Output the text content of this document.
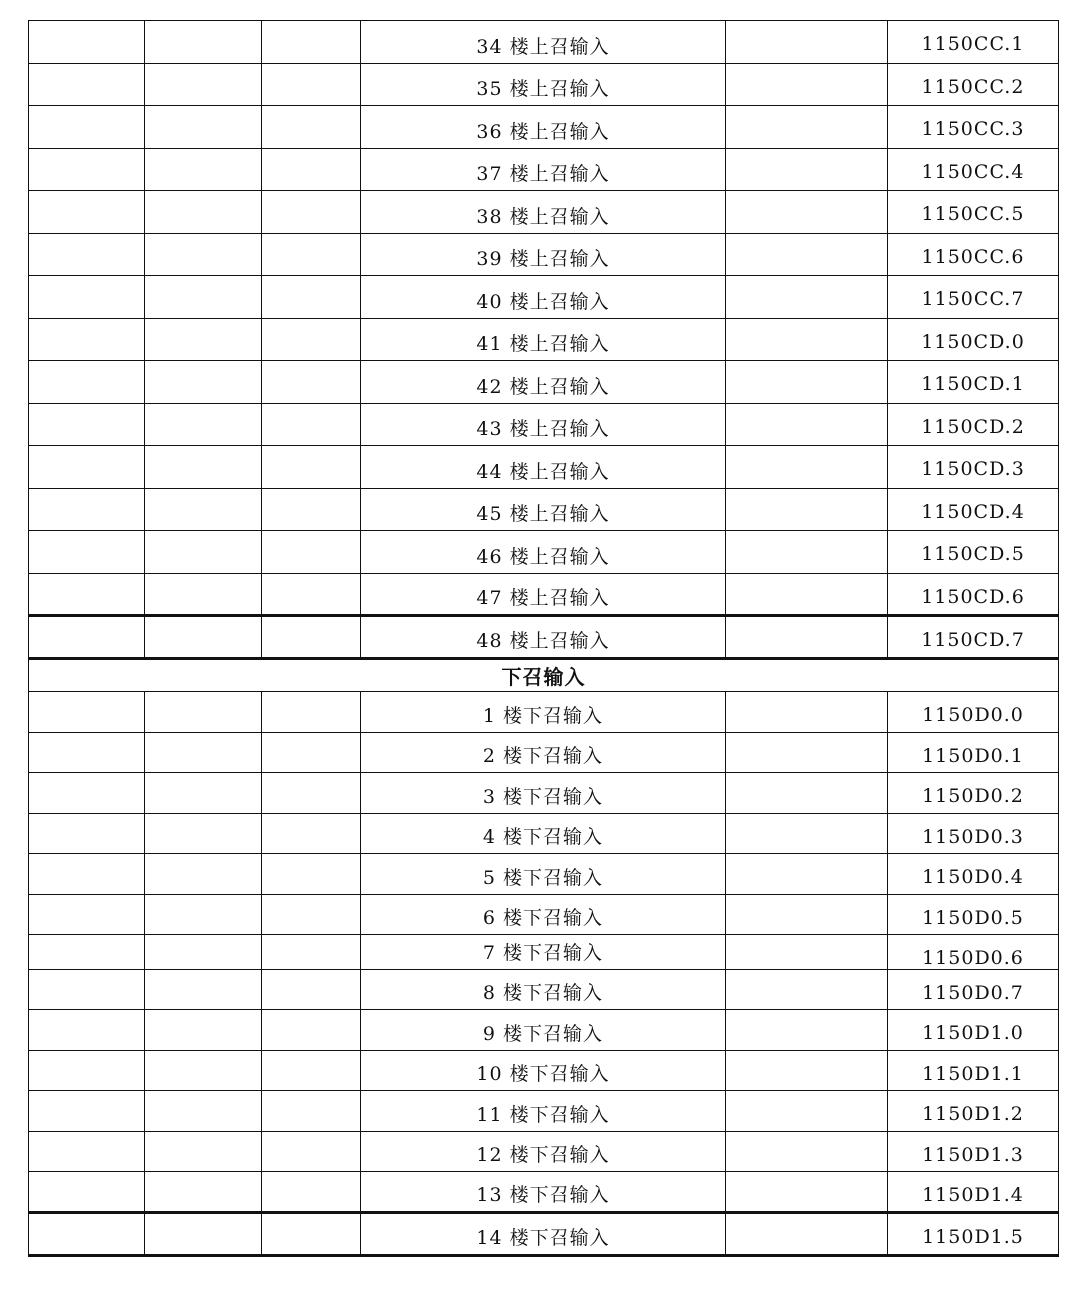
			34 楼上召输入		1150CC.1
			35 楼上召输入		1150CC.2
			36 楼上召输入		1150CC.3
			37 楼上召输入		1150CC.4
			38 楼上召输入		1150CC.5
			39 楼上召输入		1150CC.6
			40 楼上召输入		1150CC.7
			41 楼上召输入		1150CD.0
			42 楼上召输入		1150CD.1
			43 楼上召输入		1150CD.2
			44 楼上召输入		1150CD.3
			45 楼上召输入		1150CD.4
			46 楼上召输入		1150CD.5
			47 楼上召输入		1150CD.6
			48 楼上召输入		1150CD.7
下召输入					
			1 楼下召输入		1150D0.0
			2 楼下召输入		1150D0.1
			3 楼下召输入		1150D0.2
			4 楼下召输入		1150D0.3
			5 楼下召输入		1150D0.4
			6 楼下召输入		1150D0.5
			7 楼下召输入		1150D0.6
			8 楼下召输入		1150D0.7
			9 楼下召输入		1150D1.0
			10 楼下召输入		1150D1.1
			11 楼下召输入		1150D1.2
			12 楼下召输入		1150D1.3
			13 楼下召输入		1150D1.4
			14 楼下召输入		1150D1.5
